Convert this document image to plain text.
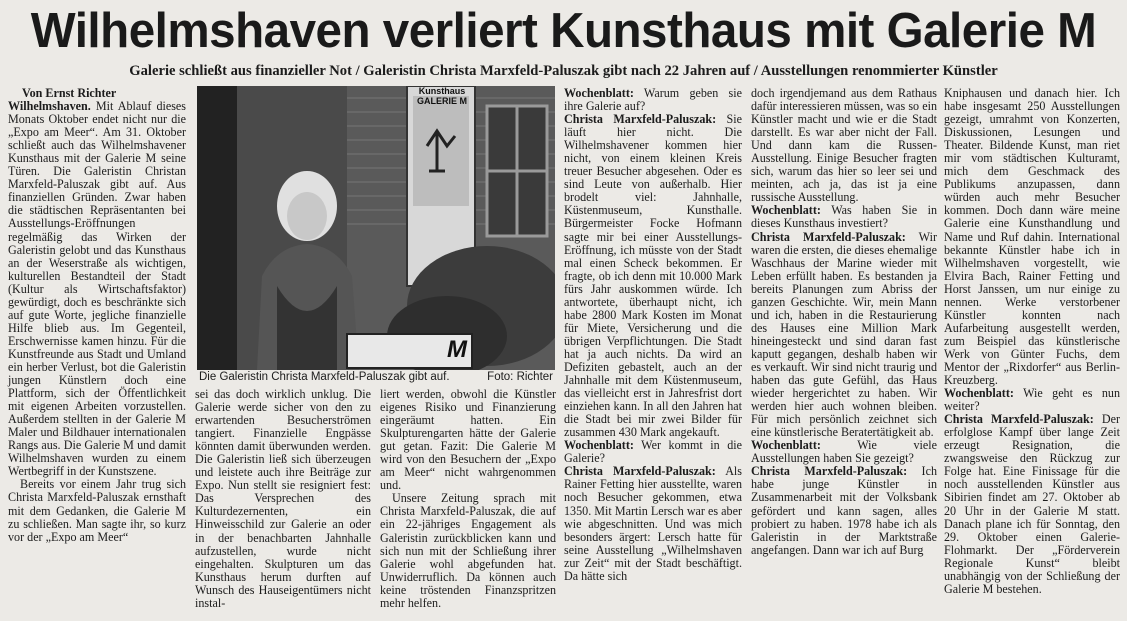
Wilhelmshaven verliert Kunsthaus mit Galerie M
Galerie schließt aus finanzieller Not / Galeristin Christa Marxfeld-Paluszak gibt nach 22 Jahren auf / Ausstellungen renommierter Künstler

Von Ernst Richter

Wilhelmshaven. Mit Ablauf dieses Monats Oktober endet nicht nur die „Expo am Meer“. Am 31. Oktober schließt auch das Wilhelmshavener Kunsthaus mit der Galerie M seine Türen. Die Galeristin Christan Marxfeld-Paluszak gibt auf. Aus finanziellen Gründen. Zwar haben die städtischen Repräsentanten bei Ausstellungs-Eröffnungen regelmäßig das Wirken der Galeristin gelobt und das Kunsthaus an der Weserstraße als wichtigen, kulturellen Bestandteil der Stadt (Kultur als Wirtschaftsfaktor) gewürdigt, doch es beschränkte sich auf gute Worte, jegliche finanzielle Hilfe blieb aus. Im Gegenteil, Erschwernisse kamen hinzu. Für die Kunstfreunde aus Stadt und Umland ein herber Verlust, bot die Galeristin jungen Künstlern doch eine Plattform, sich der Öffentlichkeit mit eigenen Arbeiten vorzustellen. Außerdem stellten in der Galerie M Maler und Bildhauer internationalen Rangs aus. Die Galerie M und damit Wilhelmshaven wurden zu einem Wertbegriff in der Kunstszene.

Bereits vor einem Jahr trug sich Christa Marxfeld-Paluszak ernsthaft mit dem Gedanken, die Galerie M zu schließen. Man sagte ihr, so kurz vor der „Expo am Meer“

Kunsthaus
GALERIE M
M
Die Galeristin Christa Marxfeld-Paluszak gibt auf.	Foto: Richter

sei das doch wirklich unklug. Die Galerie werde sicher von den zu erwartenden Besucherströmen tangiert. Finanzielle Engpässe könnten damit überwunden werden. Die Galeristin ließ sich überzeugen und leistete auch ihre Beiträge zur Expo. Nun stellt sie resigniert fest: Das Versprechen des Kulturdezernenten, ein Hinweisschild zur Galerie an oder in der benachbarten Jahnhalle aufzustellen, wurde nicht eingehalten. Skulpturen um das Kunsthaus herum durften auf Wunsch des Hauseigentümers nicht instal-

liert werden, obwohl die Künstler eigenes Risiko und Finanzierung eingeräumt hatten. Ein Skulpturengarten hätte der Galerie gut getan. Fazit: Die Galerie M wird von den Besuchern der „Expo am Meer“ nicht wahrgenommen und.

Unsere Zeitung sprach mit Christa Marxfeld-Paluszak, die auf ein 22-jähriges Engagement als Galeristin zurückblicken kann und sich nun mit der Schließung ihrer Galerie wohl abgefunden hat. Unwiderruflich. Da können auch keine tröstenden Finanzspritzen mehr helfen.

Wochenblatt: Warum geben sie ihre Galerie auf?

Christa Marxfeld-Paluszak: Sie läuft hier nicht. Die Wilhelmshavener kommen hier nicht, von einem kleinen Kreis treuer Besucher abgesehen. Oder es sind Leute von außerhalb. Hier brodelt viel: Jahnhalle, Küstenmuseum, Kunsthalle. Bürgermeister Focke Hofmann sagte mir bei einer Ausstellungs-Eröffnung, ich müsste von der Stadt mal einen Scheck bekommen. Er fragte, ob ich denn mit 10.000 Mark fürs Jahr auskommen würde. Ich antwortete, überhaupt nicht, ich habe 2800 Mark Kosten im Monat für Miete, Versicherung und die übrigen Verpflichtungen. Die Stadt hat ja auch nichts. Da wird an Defiziten gebastelt, auch an der Jahnhalle mit dem Küstenmuseum, das vielleicht erst in Jahresfrist dort einziehen kann. In all den Jahren hat die Stadt bei mir zwei Bilder für zusammen 430 Mark angekauft.

Wochenblatt: Wer kommt in die Galerie?

Christa Marxfeld-Paluszak: Als Rainer Fetting hier ausstellte, waren noch Besucher gekommen, etwa 1350. Mit Martin Lersch war es aber wie abgeschnitten. Und was mich besonders ärgert: Lersch hatte für seine Ausstellung „Wilhelmshaven zur Zeit“ mit der Stadt beschäftigt. Da hätte sich

doch irgendjemand aus dem Rathaus dafür interessieren müssen, was so ein Künstler macht und wie er die Stadt darstellt. Es war aber nicht der Fall. Und dann kam die Russen-Ausstellung. Einige Besucher fragten sich, warum das hier so leer sei und meinten, ach ja, das ist ja eine russische Ausstellung.

Wochenblatt: Was haben Sie in dieses Kunsthaus investiert?

Christa Marxfeld-Paluszak: Wir waren die ersten, die dieses ehemalige Waschhaus der Marine wieder mit Leben erfüllt haben. Es bestanden ja bereits Planungen zum Abriss der ganzen Geschichte. Wir, mein Mann und ich, haben in die Restaurierung des Hauses eine Million Mark hineingesteckt und sind daran fast kaputt gegangen, deshalb haben wir es verkauft. Wir sind nicht traurig und haben das gute Gefühl, das Haus wieder hergerichtet zu haben. Wir werden hier auch wohnen bleiben. Für mich persönlich zeichnet sich eine künstlerische Beratertätigkeit ab.

Wochenblatt: Wie viele Ausstellungen haben Sie gezeigt?

Christa Marxfeld-Paluszak: Ich habe junge Künstler in Zusammenarbeit mit der Volksbank gefördert und kann sagen, alles probiert zu haben. 1978 habe ich als Galeristin in der Marktstraße angefangen. Dann war ich auf Burg

Kniphausen und danach hier. Ich habe insgesamt 250 Ausstellungen gezeigt, umrahmt von Konzerten, Diskussionen, Lesungen und Theater. Bildende Kunst, man riet mir vom städtischen Kulturamt, mich dem Geschmack des Publikums anzupassen, dann würden auch mehr Besucher kommen. Doch dann wäre meine Galerie eine Kunsthandlung und Name und Ruf dahin. International bekannte Künstler habe ich in Wilhelmshaven vorgestellt, wie Elvira Bach, Rainer Fetting und Horst Janssen, um nur einige zu nennen. Werke verstorbener Künstler konnten nach Aufarbeitung ausgestellt werden, zum Beispiel das künstlerische Werk von Günter Fuchs, dem Mentor der „Rixdorfer“ aus Berlin-Kreuzberg.

Wochenblatt: Wie geht es nun weiter?

Christa Marxfeld-Paluszak: Der erfolglose Kampf über lange Zeit erzeugt Resignation, die zwangsweise den Rückzug zur Folge hat. Eine Finissage für die noch ausstellenden Künstler aus Sibirien findet am 27. Oktober ab 20 Uhr in der Galerie M statt. Danach plane ich für Sonntag, den 29. Oktober einen Galerie-Flohmarkt. Der „Förderverein Regionale Kunst“ bleibt unabhängig von der Schließung der Galerie M bestehen.
